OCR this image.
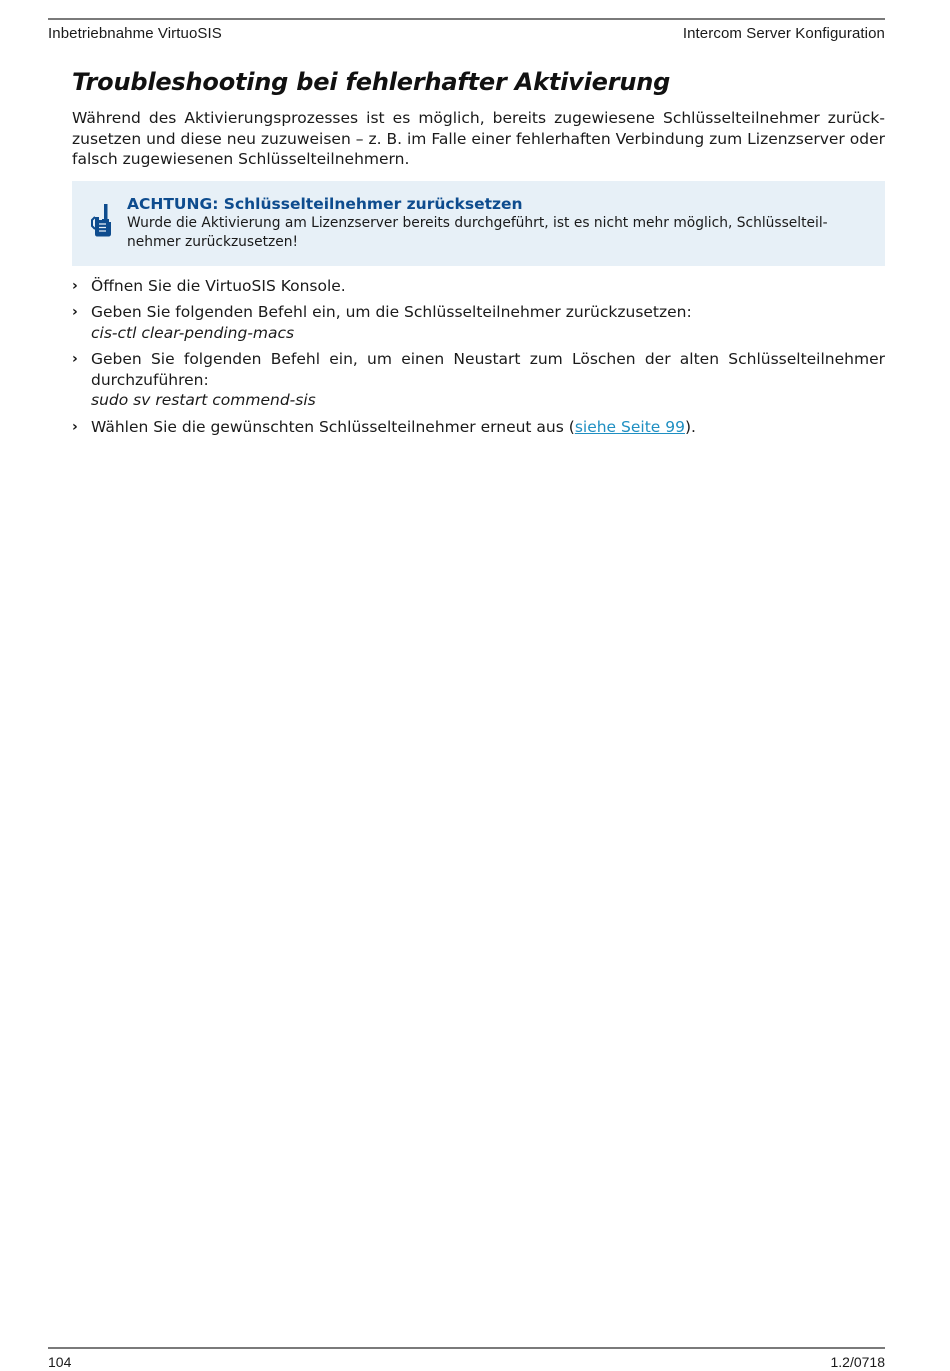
Inbetriebnahme VirtuoSIS	Intercom Server Konfiguration
Troubleshooting bei fehlerhafter Aktivierung

Während des Aktivierungsprozesses ist es möglich, bereits zugewiesene Schlüsselteilnehmer zurück- zusetzen und diese neu zuzuweisen – z. B. im Falle einer fehlerhaften Verbindung zum Lizenzserver oder falsch zugewiesenen Schlüsselteilnehmern.

ACHTUNG: Schlüsselteilnehmer zurücksetzen
Wurde die Aktivierung am Lizenzserver bereits durchgeführt, ist es nicht mehr möglich, Schlüsselteil- nehmer zurückzusetzen!
› Öffnen Sie die VirtuoSIS Konsole.
› Geben Sie folgenden Befehl ein, um die Schlüsselteilnehmer zurückzusetzen:
cis-ctl clear-pending-macs
› Geben Sie folgenden Befehl ein, um einen Neustart zum Löschen der alten Schlüsselteilnehmer durchzuführen:
sudo sv restart commend-sis
› Wählen Sie die gewünschten Schlüsselteilnehmer erneut aus (siehe Seite 99).
104	1.2/0718
